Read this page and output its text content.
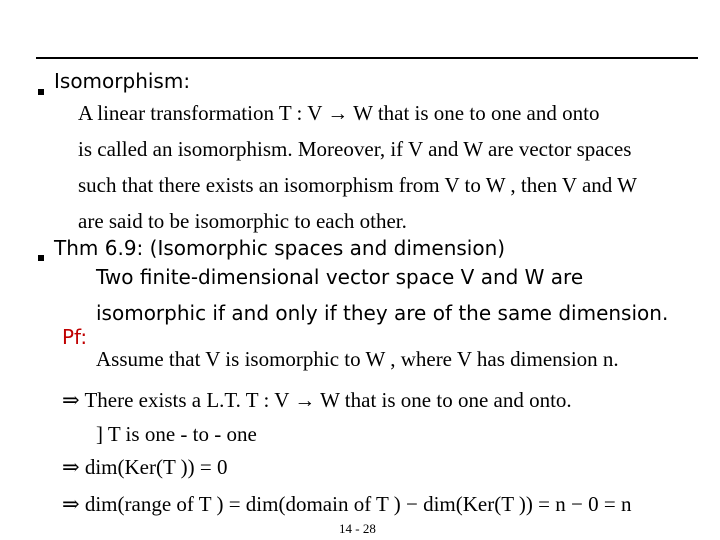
Isomorphism:
A linear transformation T : V → W that is one to one and onto
is called an isomorphism. Moreover, if V and W are vector spaces
such that there exists an isomorphism from V to W , then V and W
are said to be isomorphic to each other.
Thm 6.9: (Isomorphic spaces and dimension)
Two finite-dimensional vector space V and W are
isomorphic if and only if they are of the same dimension.
Pf:
Assume that V is isomorphic to W , where V has dimension n.
⇒ There exists a L.T. T : V → W that is one to one and onto.
] T is one - to - one
⇒ dim(Ker(T )) = 0
⇒ dim(range of T ) = dim(domain of T ) − dim(Ker(T )) = n − 0 = n
14 - 28
